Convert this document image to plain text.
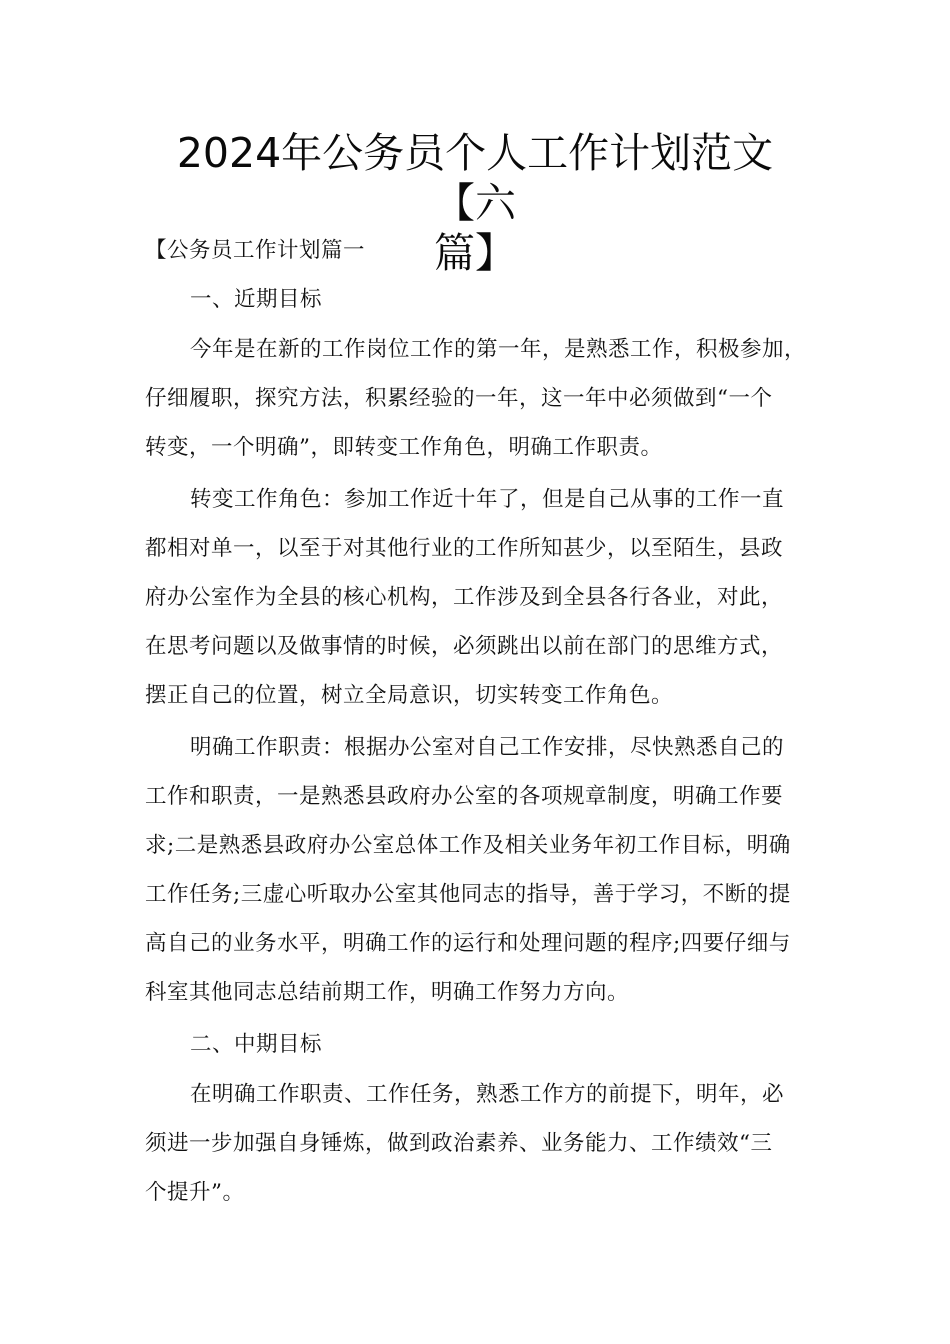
2024年公务员个人工作计划范文【六
篇】
【公务员工作计划篇一
一、近期目标
今年是在新的工作岗位工作的第一年，是熟悉工作，积极参加，
仔细履职，探究方法，积累经验的一年，这一年中必须做到“一个
转变，一个明确”，即转变工作角色，明确工作职责。
转变工作角色：参加工作近十年了，但是自己从事的工作一直
都相对单一，以至于对其他行业的工作所知甚少，以至陌生，县政
府办公室作为全县的核心机构，工作涉及到全县各行各业，对此，
在思考问题以及做事情的时候，必须跳出以前在部门的思维方式，
摆正自己的位置，树立全局意识，切实转变工作角色。
明确工作职责：根据办公室对自己工作安排，尽快熟悉自己的
工作和职责，一是熟悉县政府办公室的各项规章制度，明确工作要
求;二是熟悉县政府办公室总体工作及相关业务年初工作目标，明确
工作任务;三虚心听取办公室其他同志的指导，善于学习，不断的提
高自己的业务水平，明确工作的运行和处理问题的程序;四要仔细与
科室其他同志总结前期工作，明确工作努力方向。
二、中期目标
在明确工作职责、工作任务，熟悉工作方的前提下，明年，必
须进一步加强自身锤炼，做到政治素养、业务能力、工作绩效“三
个提升”。
